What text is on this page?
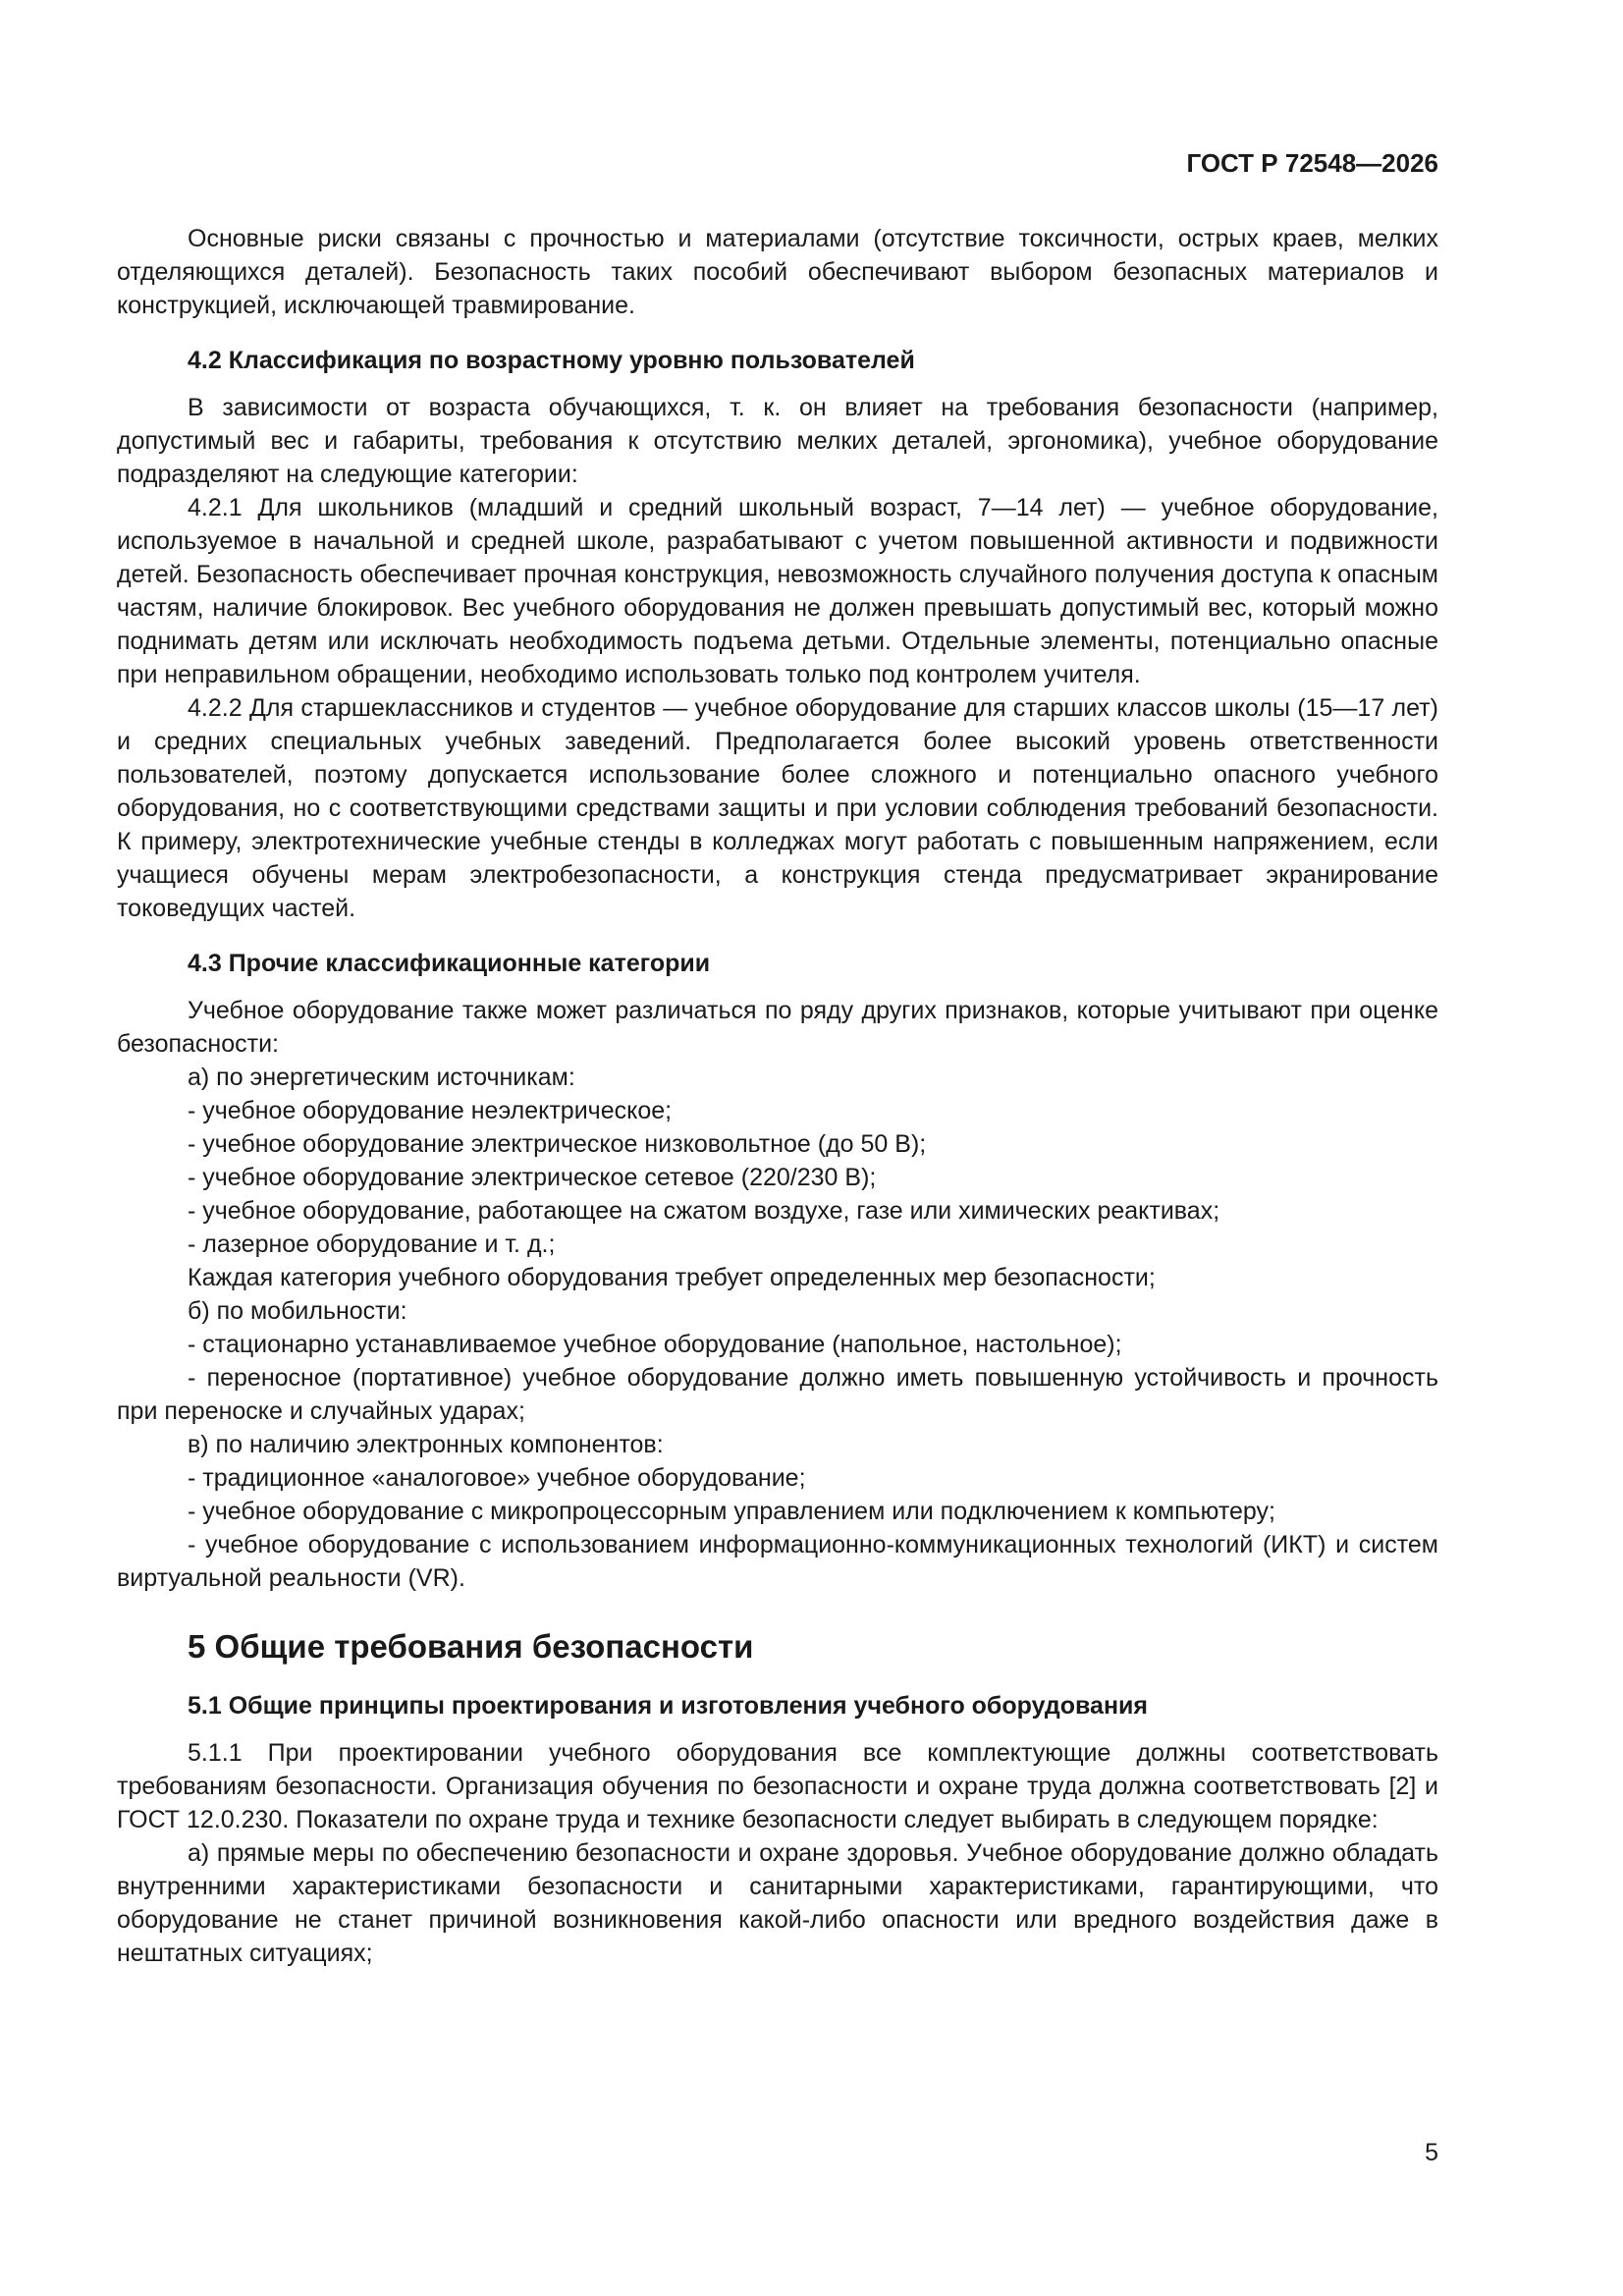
ГОСТ Р 72548—2026

Основные риски связаны с прочностью и материалами (отсутствие токсичности, острых краев, мелких отделяющихся деталей). Безопасность таких пособий обеспечивают выбором безопасных материалов и конструкцией, исключающей травмирование.

4.2 Классификация по возрастному уровню пользователей

В зависимости от возраста обучающихся, т. к. он влияет на требования безопасности (например, допустимый вес и габариты, требования к отсутствию мелких деталей, эргономика), учебное оборудование подразделяют на следующие категории:

4.2.1 Для школьников (младший и средний школьный возраст, 7—14 лет) — учебное оборудование, используемое в начальной и средней школе, разрабатывают с учетом повышенной активности и подвижности детей. Безопасность обеспечивает прочная конструкция, невозможность случайного получения доступа к опасным частям, наличие блокировок. Вес учебного оборудования не должен превышать допустимый вес, который можно поднимать детям или исключать необходимость подъема детьми. Отдельные элементы, потенциально опасные при неправильном обращении, необходимо использовать только под контролем учителя.

4.2.2 Для старшеклассников и студентов — учебное оборудование для старших классов школы (15—17 лет) и средних специальных учебных заведений. Предполагается более высокий уровень ответственности пользователей, поэтому допускается использование более сложного и потенциально опасного учебного оборудования, но с соответствующими средствами защиты и при условии соблюдения требований безопасности. К примеру, электротехнические учебные стенды в колледжах могут работать с повышенным напряжением, если учащиеся обучены мерам электробезопасности, а конструкция стенда предусматривает экранирование токоведущих частей.

4.3 Прочие классификационные категории

Учебное оборудование также может различаться по ряду других признаков, которые учитывают при оценке безопасности:

а) по энергетическим источникам:
- учебное оборудование неэлектрическое;
- учебное оборудование электрическое низковольтное (до 50 В);
- учебное оборудование электрическое сетевое (220/230 В);
- учебное оборудование, работающее на сжатом воздухе, газе или химических реактивах;
- лазерное оборудование и т. д.;
Каждая категория учебного оборудования требует определенных мер безопасности;
б) по мобильности:
- стационарно устанавливаемое учебное оборудование (напольное, настольное);
- переносное (портативное) учебное оборудование должно иметь повышенную устойчивость и прочность при переноске и случайных ударах;
в) по наличию электронных компонентов:
- традиционное «аналоговое» учебное оборудование;
- учебное оборудование с микропроцессорным управлением или подключением к компьютеру;
- учебное оборудование с использованием информационно-коммуникационных технологий (ИКТ) и систем виртуальной реальности (VR).
5 Общие требования безопасности
5.1 Общие принципы проектирования и изготовления учебного оборудования

5.1.1 При проектировании учебного оборудования все комплектующие должны соответствовать требованиям безопасности. Организация обучения по безопасности и охране труда должна соответствовать [2] и ГОСТ 12.0.230. Показатели по охране труда и технике безопасности следует выбирать в следующем порядке:

а) прямые меры по обеспечению безопасности и охране здоровья. Учебное оборудование должно обладать внутренними характеристиками безопасности и санитарными характеристиками, гарантирующими, что оборудование не станет причиной возникновения какой-либо опасности или вредного воздействия даже в нештатных ситуациях;

5
